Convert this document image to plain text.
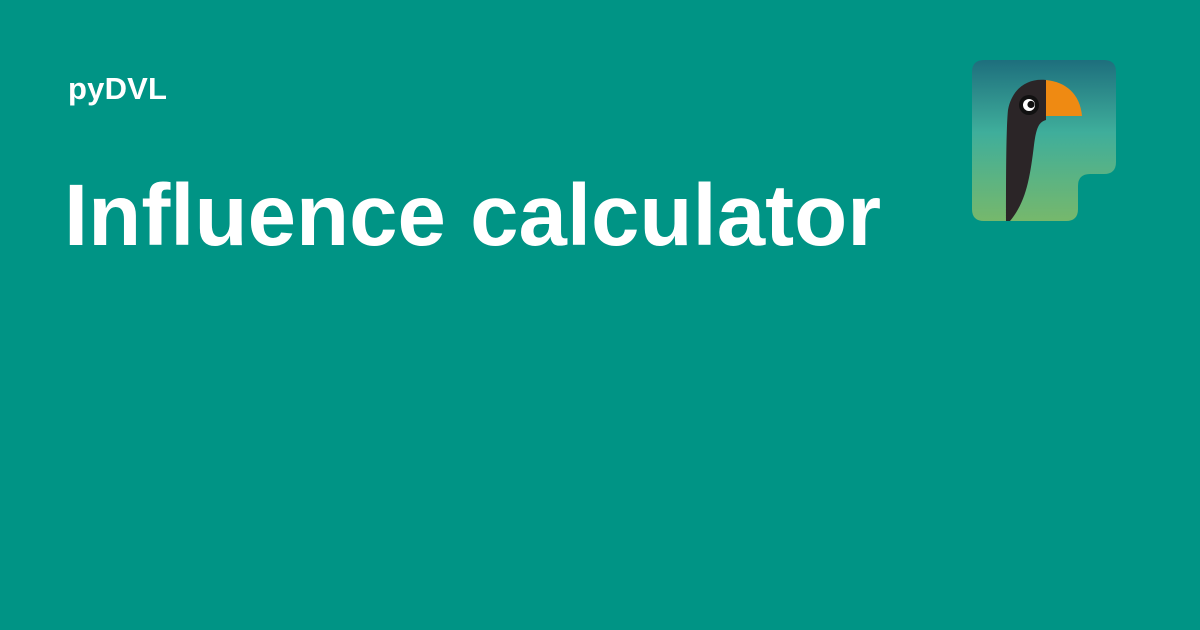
pyDVL
Influence calculator
